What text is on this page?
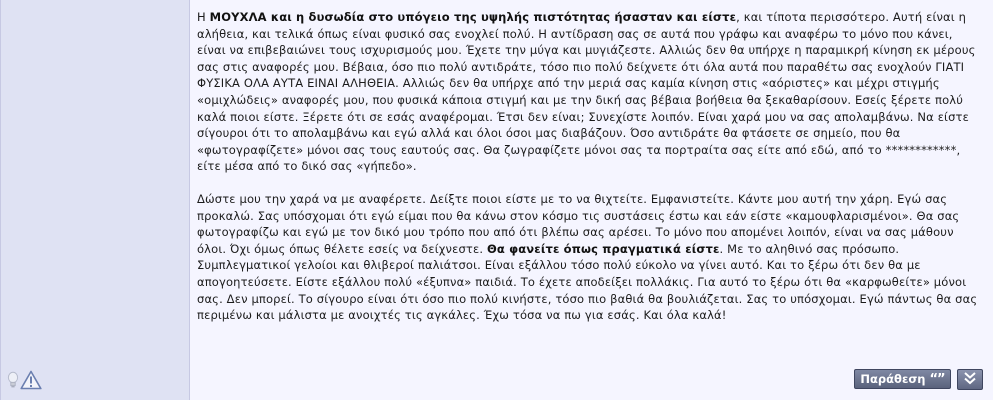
Η ΜΟΥΧΛΑ και η δυσωδία στο υπόγειο της υψηλής πιστότητας ήσασταν και είστε, και τίποτα περισσότερο. Αυτή είναι η αλήθεια, και τελικά όπως είναι φυσικό σας ενοχλεί πολύ. Η αντίδραση σας σε αυτά που γράφω και αναφέρω το μόνο που κάνει, είναι να επιβεβαιώνει τους ισχυρισμούς μου. Έχετε την μύγα και μυγιάζεστε. Αλλιώς δεν θα υπήρχε η παραμικρή κίνηση εκ μέρους σας στις αναφορές μου. Βέβαια, όσο πιο πολύ αντιδράτε, τόσο πιο πολύ δείχνετε ότι όλα αυτά που παραθέτω σας ενοχλούν ΓΙΑΤΙ ΦΥΣΙΚΑ ΟΛΑ ΑΥΤΑ ΕΙΝΑΙ ΑΛΗΘΕΙΑ. Αλλιώς δεν θα υπήρχε από την μεριά σας καμία κίνηση στις «αόριστες» και μέχρι στιγμής «ομιχλώδεις» αναφορές μου, που φυσικά κάποια στιγμή και με την δική σας βέβαια βοήθεια θα ξεκαθαρίσουν. Εσείς ξέρετε πολύ καλά ποιοι είστε. Ξέρετε ότι σε εσάς αναφέρομαι. Έτσι δεν είναι; Συνεχίστε λοιπόν. Είναι χαρά μου να σας απολαμβάνω. Να είστε σίγουροι ότι το απολαμβάνω και εγώ αλλά και όλοι όσοι μας διαβάζουν. Όσο αντιδράτε θα φτάσετε σε σημείο, που θα «φωτογραφίζετε» μόνοι σας τους εαυτούς σας. Θα ζωγραφίζετε μόνοι σας τα πορτραίτα σας είτε από εδώ, από το ************, είτε μέσα από το δικό σας «γήπεδο».

Δώστε μου την χαρά να με αναφέρετε. Δείξτε ποιοι είστε με το να θιχτείτε. Εμφανιστείτε. Κάντε μου αυτή την χάρη. Εγώ σας προκαλώ. Σας υπόσχομαι ότι εγώ είμαι που θα κάνω στον κόσμο τις συστάσεις έστω και εάν είστε «καμουφλαρισμένοι». Θα σας φωτογραφίζω και εγώ με τον δικό μου τρόπο που από ότι βλέπω σας αρέσει. Το μόνο που απομένει λοιπόν, είναι να σας μάθουν όλοι. Όχι όμως όπως θέλετε εσείς να δείχνεστε. Θα φανείτε όπως πραγματικά είστε. Με το αληθινό σας πρόσωπο. Συμπλεγματικοί γελοίοι και θλιβεροί παλιάτσοι. Είναι εξάλλου τόσο πολύ εύκολο να γίνει αυτό. Και το ξέρω ότι δεν θα με απογοητεύσετε. Είστε εξάλλου πολύ «έξυπνα» παιδιά. Το έχετε αποδείξει πολλάκις. Για αυτό το ξέρω ότι θα «καρφωθείτε» μόνοι σας. Δεν μπορεί. Το σίγουρο είναι ότι όσο πιο πολύ κινήστε, τόσο πιο βαθιά θα βουλιάζεται. Σας το υπόσχομαι. Εγώ πάντως θα σας περιμένω και μάλιστα με ανοιχτές τις αγκάλες. Έχω τόσα να πω για εσάς. Και όλα καλά!

Παράθεση “”
